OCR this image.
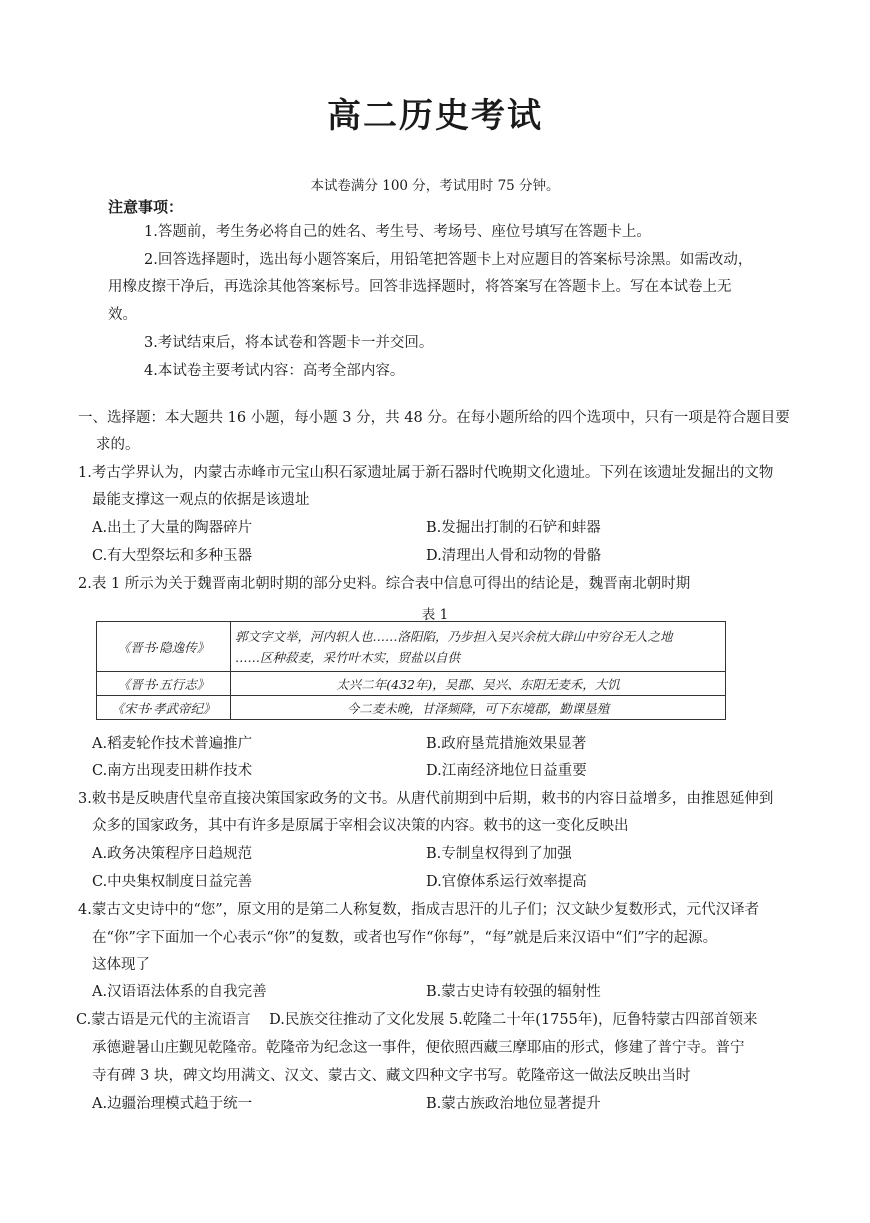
高二历史考试
本试卷满分 100 分，考试用时 75 分钟。
注意事项：
1.答题前，考生务必将自己的姓名、考生号、考场号、座位号填写在答题卡上。
2.回答选择题时，选出每小题答案后，用铅笔把答题卡上对应题目的答案标号涂黑。如需改动，
用橡皮擦干净后，再选涂其他答案标号。回答非选择题时，将答案写在答题卡上。写在本试卷上无
效。
3.考试结束后，将本试卷和答题卡一并交回。
4.本试卷主要考试内容：高考全部内容。
一、选择题：本大题共 16 小题，每小题 3 分，共 48 分。在每小题所给的四个选项中，只有一项是符合题目要
求的。
1.考古学界认为，内蒙古赤峰市元宝山积石冢遗址属于新石器时代晚期文化遗址。下列在该遗址发掘出的文物
最能支撑这一观点的依据是该遗址
A.出土了大量的陶器碎片	B.发掘出打制的石铲和蚌器
C.有大型祭坛和多种玉器	D.清理出人骨和动物的骨骼
2.表 1 所示为关于魏晋南北朝时期的部分史料。综合表中信息可得出的结论是，魏晋南北朝时期
表 1
《晋书·隐逸传》	郭文字文举，河内轵人也……洛阳陷，乃步担入吴兴余杭大辟山中穷谷无人之地
……区种菽麦，采竹叶木实，贸盐以自供

《晋书·五行志》	太兴二年(432年)，吴郡、吴兴、东阳无麦禾，大饥
《宋书·孝武帝纪》	今二麦未晚，甘泽频降，可下东境郡，勤课垦殖
A.稻麦轮作技术普遍推广	B.政府垦荒措施效果显著
C.南方出现麦田耕作技术	D.江南经济地位日益重要
3.敕书是反映唐代皇帝直接决策国家政务的文书。从唐代前期到中后期，敕书的内容日益增多，由推恩延伸到
众多的国家政务，其中有许多是原属于宰相会议决策的内容。敕书的这一变化反映出
A.政务决策程序日趋规范	B.专制皇权得到了加强
C.中央集权制度日益完善	D.官僚体系运行效率提高
4.蒙古文史诗中的“您”，原文用的是第二人称复数，指成吉思汗的儿子们；汉文缺少复数形式，元代汉译者
在“你”字下面加一个心表示“你”的复数，或者也写作“你每”，“每”就是后来汉语中“们”字的起源。
这体现了
A.汉语语法体系的自我完善	B.蒙古史诗有较强的辐射性
C.蒙古语是元代的主流语言    D.民族交往推动了文化发展 5.乾隆二十年(1755年)，厄鲁特蒙古四部首领来
承德避暑山庄觐见乾隆帝。乾隆帝为纪念这一事件，便依照西藏三摩耶庙的形式，修建了普宁寺。普宁
寺有碑 3 块，碑文均用满文、汉文、蒙古文、藏文四种文字书写。乾隆帝这一做法反映出当时
A.边疆治理模式趋于统一	B.蒙古族政治地位显著提升
